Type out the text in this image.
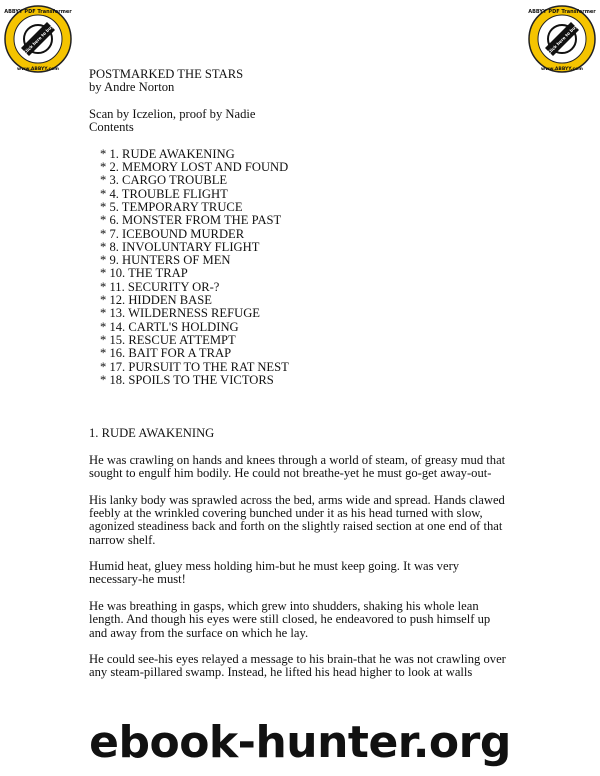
ABBYY PDF Transformer
www.ABBYY.com
Click here to buy
ABBYY PDF Transformer
www.ABBYY.com
Click here to buy
POSTMARKED THE STARS
by Andre Norton
Scan by Iczelion, proof by Nadie
Contents
* 1. RUDE AWAKENING
* 2. MEMORY LOST AND FOUND
* 3. CARGO TROUBLE
* 4. TROUBLE FLIGHT
* 5. TEMPORARY TRUCE
* 6. MONSTER FROM THE PAST
* 7. ICEBOUND MURDER
* 8. INVOLUNTARY FLIGHT
* 9. HUNTERS OF MEN
* 10. THE TRAP
* 11. SECURITY OR-?
* 12. HIDDEN BASE
* 13. WILDERNESS REFUGE
* 14. CARTL'S HOLDING
* 15. RESCUE ATTEMPT
* 16. BAIT FOR A TRAP
* 17. PURSUIT TO THE RAT NEST
* 18. SPOILS TO THE VICTORS
1. RUDE AWAKENING
He was crawling on hands and knees through a world of steam, of greasy mud that sought to engulf him bodily. He could not breathe-yet he must go-get away-out-
His lanky body was sprawled across the bed, arms wide and spread. Hands clawed feebly at the wrinkled covering bunched under it as his head turned with slow, agonized steadiness back and forth on the slightly raised section at one end of that narrow shelf.
Humid heat, gluey mess holding him-but he must keep going. It was very necessary-he must!
He was breathing in gasps, which grew into shudders, shaking his whole lean length. And though his eyes were still closed, he endeavored to push himself up and away from the surface on which he lay.
He could see-his eyes relayed a message to his brain-that he was not crawling over any steam-pillared swamp. Instead, he lifted his head higher to look at walls
ebook-hunter.org
